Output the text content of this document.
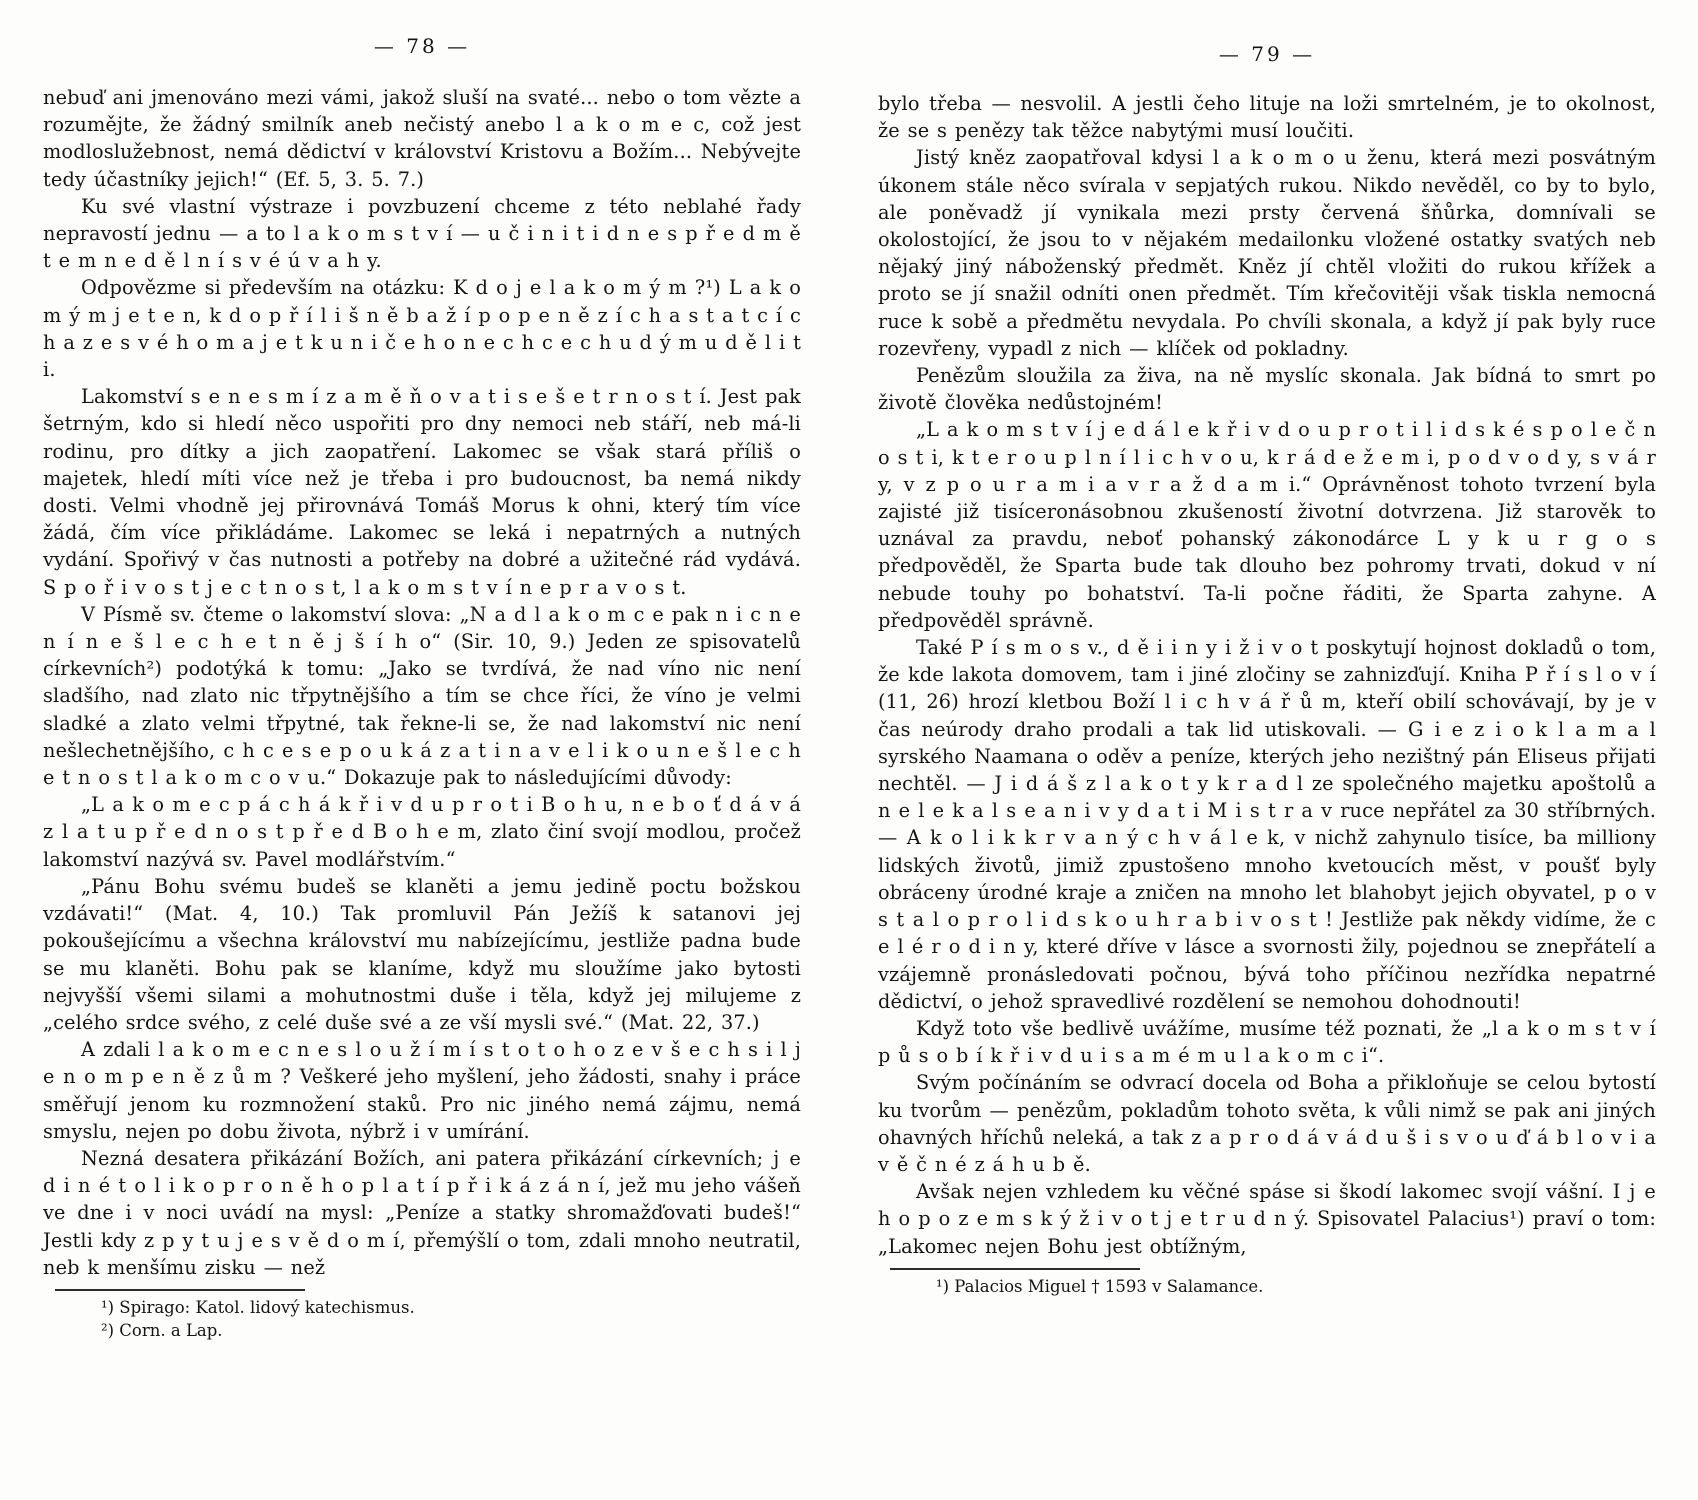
— 78 —

nebuď ani jmenováno mezi vámi, jakož sluší na svaté... nebo o tom vězte a rozumějte, že žádný smilník aneb nečistý anebo l a k o m e c, což jest modloslužebnost, nemá dědictví v království Kristovu a Božím... Nebývejte tedy účastníky jejich!“ (Ef. 5, 3. 5. 7.)

Ku své vlastní výstraze i povzbuzení chceme z této neblahé řady nepravostí jednu — a to l a k o m s t v í — u č i n i t i d n e s p ř e d m ě t e m n e d ě l n í s v é ú v a h y.

Odpovězme si především na otázku: K d o j e l a k o m ý m ?¹) L a k o m ý m j e t e n, k d o p ř í l i š n ě b a ž í p o p e n ě z í c h a s t a t c í c h a z e s v é h o m a j e t k u n i č e h o n e c h c e c h u d ý m u d ě l i t i.

Lakomství s e n e s m í z a m ě ň o v a t i s e š e t r n o s t í. Jest pak šetrným, kdo si hledí něco uspořiti pro dny nemoci neb stáří, neb má-li rodinu, pro dítky a jich zaopatření. Lakomec se však stará příliš o majetek, hledí míti více než je třeba i pro budoucnost, ba nemá nikdy dosti. Velmi vhodně jej přirovnává Tomáš Morus k ohni, který tím více žádá, čím více přikládáme. Lakomec se leká i nepatrných a nutných vydání. Spořivý v čas nutnosti a potřeby na dobré a užitečné rád vydává. S p o ř i v o s t j e c t n o s t, l a k o m s t v í n e p r a v o s t.

V Písmě sv. čteme o lakomství slova: „N a d l a k o m c e pak n i c n e n í n e š l e c h e t n ě j š í h o“ (Sir. 10, 9.) Jeden ze spisovatelů církevních²) podotýká k tomu: „Jako se tvrdívá, že nad víno nic není sladšího, nad zlato nic třpytnějšího a tím se chce říci, že víno je velmi sladké a zlato velmi třpytné, tak řekne-li se, že nad lakomství nic není nešlechetnějšího, c h c e s e p o u k á z a t i n a v e l i k o u n e š l e c h e t n o s t l a k o m c o v u.“ Dokazuje pak to následujícími důvody:

„L a k o m e c p á c h á k ř i v d u p r o t i B o h u, n e b o ť d á v á z l a t u p ř e d n o s t p ř e d B o h e m, zlato činí svojí modlou, pročež lakomství nazývá sv. Pavel modlářstvím.“

„Pánu Bohu svému budeš se klaněti a jemu jedině poctu božskou vzdávati!“ (Mat. 4, 10.) Tak promluvil Pán Ježíš k satanovi jej pokoušejícímu a všechna království mu nabízejícímu, jestliže padna bude se mu klaněti. Bohu pak se klaníme, když mu sloužíme jako bytosti nejvyšší všemi silami a mohutnostmi duše i těla, když jej milujeme z „celého srdce svého, z celé duše své a ze vší mysli své.“ (Mat. 22, 37.)

A zdali l a k o m e c n e s l o u ž í m í s t o t o h o z e v š e c h s i l j e n o m p e n ě z ů m ? Veškeré jeho myšlení, jeho žádosti, snahy i práce směřují jenom ku rozmnožení staků. Pro nic jiného nemá zájmu, nemá smyslu, nejen po dobu života, nýbrž i v umírání.

Nezná desatera přikázání Božích, ani patera přikázání církevních; j e d i n é t o l i k o p r o n ě h o p l a t í p ř i k á z á n í, jež mu jeho vášeň ve dne i v noci uvádí na mysl: „Peníze a statky shromažďovati budeš!“ Jestli kdy z p y t u j e s v ě d o m í, přemýšlí o tom, zdali mnoho neutratil, neb k menšímu zisku — než

¹) Spirago: Katol. lidový katechismus.

²) Corn. a Lap.

— 79 —

bylo třeba — nesvolil. A jestli čeho lituje na loži smrtelném, je to okolnost, že se s penězy tak těžce nabytými musí loučiti.

Jistý kněz zaopatřoval kdysi l a k o m o u ženu, která mezi posvátným úkonem stále něco svírala v sepjatých rukou. Nikdo nevěděl, co by to bylo, ale poněvadž jí vynikala mezi prsty červená šňůrka, domnívali se okolostojící, že jsou to v nějakém medailonku vložené ostatky svatých neb nějaký jiný náboženský předmět. Kněz jí chtěl vložiti do rukou křížek a proto se jí snažil odníti onen předmět. Tím křečovitěji však tiskla nemocná ruce k sobě a předmětu nevydala. Po chvíli skonala, a když jí pak byly ruce rozevřeny, vypadl z nich — klíček od pokladny.

Penězům sloužila za živa, na ně myslíc skonala. Jak bídná to smrt po životě člověka nedůstojném!

„L a k o m s t v í j e d á l e k ř i v d o u p r o t i l i d s k é s p o l e č n o s t i, k t e r o u p l n í l i c h v o u, k r á d e ž e m i, p o d v o d y, s v á r y, v z p o u r a m i a v r a ž d a m i.“ Oprávněnost tohoto tvrzení byla zajisté již tisíceronásobnou zkušeností životní dotvrzena. Již starověk to uznával za pravdu, neboť pohanský zákonodárce L y k u r g o s předpověděl, že Sparta bude tak dlouho bez pohromy trvati, dokud v ní nebude touhy po bohatství. Ta-li počne řáditi, že Sparta zahyne. A předpověděl správně.

Také P í s m o s v., d ě i i n y i ž i v o t poskytují hojnost dokladů o tom, že kde lakota domovem, tam i jiné zločiny se zahnizďují. Kniha P ř í s l o v í (11, 26) hrozí kletbou Boží l i c h v á ř ů m, kteří obilí schovávají, by je v čas neúrody draho prodali a tak lid utiskovali. — G i e z i o k l a m a l syrského Naamana o oděv a peníze, kterých jeho nezištný pán Eliseus přijati nechtěl. — J i d á š z l a k o t y k r a d l ze společného majetku apoštolů a n e l e k a l s e a n i v y d a t i M i s t r a v ruce nepřátel za 30 stříbrných. — A k o l i k k r v a n ý c h v á l e k, v nichž zahynulo tisíce, ba milliony lidských životů, jimiž zpustošeno mnoho kvetoucích měst, v poušť byly obráceny úrodné kraje a zničen na mnoho let blahobyt jejich obyvatel, p o v s t a l o p r o l i d s k o u h r a b i v o s t ! Jestliže pak někdy vidíme, že c e l é r o d i n y, které dříve v lásce a svornosti žily, pojednou se znepřátelí a vzájemně pronásledovati počnou, bývá toho příčinou nezřídka nepatrné dědictví, o jehož spravedlivé rozdělení se nemohou dohodnouti!

Když toto vše bedlivě uvážíme, musíme též poznati, že „l a k o m s t v í p ů s o b í k ř i v d u i s a m é m u l a k o m c i“.

Svým počínáním se odvrací docela od Boha a přikloňuje se celou bytostí ku tvorům — penězům, pokladům tohoto světa, k vůli nimž se pak ani jiných ohavných hříchů neleká, a tak z a p r o d á v á d u š i s v o u ď á b l o v i a v ě č n é z á h u b ě.

Avšak nejen vzhledem ku věčné spáse si škodí lakomec svojí vášní. I j e h o p o z e m s k ý ž i v o t j e t r u d n ý. Spisovatel Palacius¹) praví o tom: „Lakomec nejen Bohu jest obtížným,

¹) Palacios Miguel † 1593 v Salamance.
